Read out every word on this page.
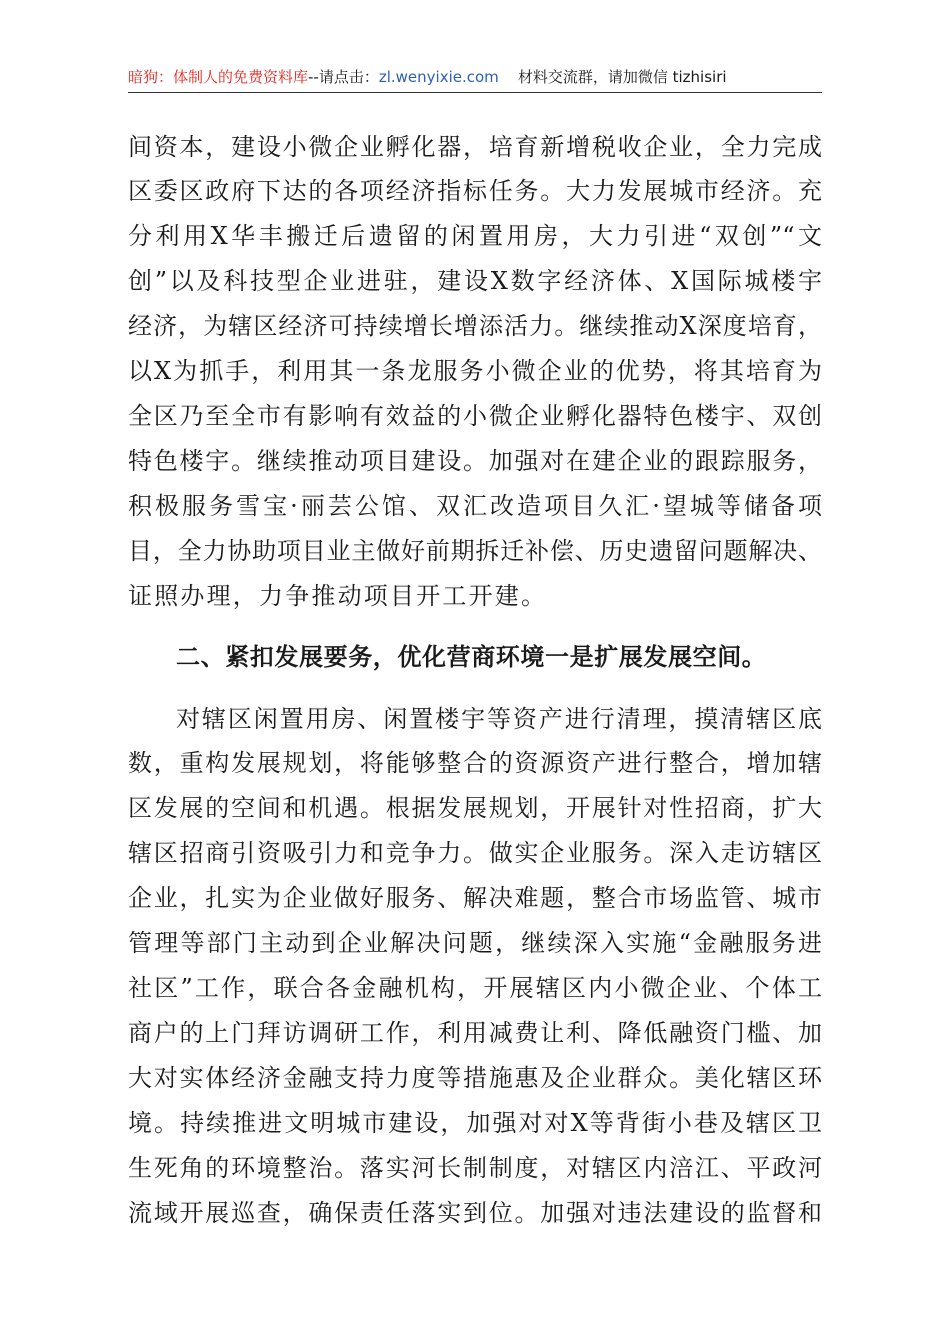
暗狗：体制人的免费资料库--请点击：zl.wenyixie.com 材料交流群，请加微信 tizhisiri
间资本，建设小微企业孵化器，培育新增税收企业，全力完成
区委区政府下达的各项经济指标任务。大力发展城市经济。充
分利用X华丰搬迁后遗留的闲置用房，大力引进“双创”“文
创”以及科技型企业进驻，建设X数字经济体、X国际城楼宇
经济，为辖区经济可持续增长增添活力。继续推动X深度培育，
以X为抓手，利用其一条龙服务小微企业的优势，将其培育为
全区乃至全市有影响有效益的小微企业孵化器特色楼宇、双创
特色楼宇。继续推动项目建设。加强对在建企业的跟踪服务，
积极服务雪宝·丽芸公馆、双汇改造项目久汇·望城等储备项
目，全力协助项目业主做好前期拆迁补偿、历史遗留问题解决、
证照办理，力争推动项目开工开建。
二、紧扣发展要务，优化营商环境一是扩展发展空间。
对辖区闲置用房、闲置楼宇等资产进行清理，摸清辖区底
数，重构发展规划，将能够整合的资源资产进行整合，增加辖
区发展的空间和机遇。根据发展规划，开展针对性招商，扩大
辖区招商引资吸引力和竞争力。做实企业服务。深入走访辖区
企业，扎实为企业做好服务、解决难题，整合市场监管、城市
管理等部门主动到企业解决问题，继续深入实施“金融服务进
社区”工作，联合各金融机构，开展辖区内小微企业、个体工
商户的上门拜访调研工作，利用减费让利、降低融资门槛、加
大对实体经济金融支持力度等措施惠及企业群众。美化辖区环
境。持续推进文明城市建设，加强对对X等背街小巷及辖区卫
生死角的环境整治。落实河长制制度，对辖区内涪江、平政河
流域开展巡查，确保责任落实到位。加强对违法建设的监督和
